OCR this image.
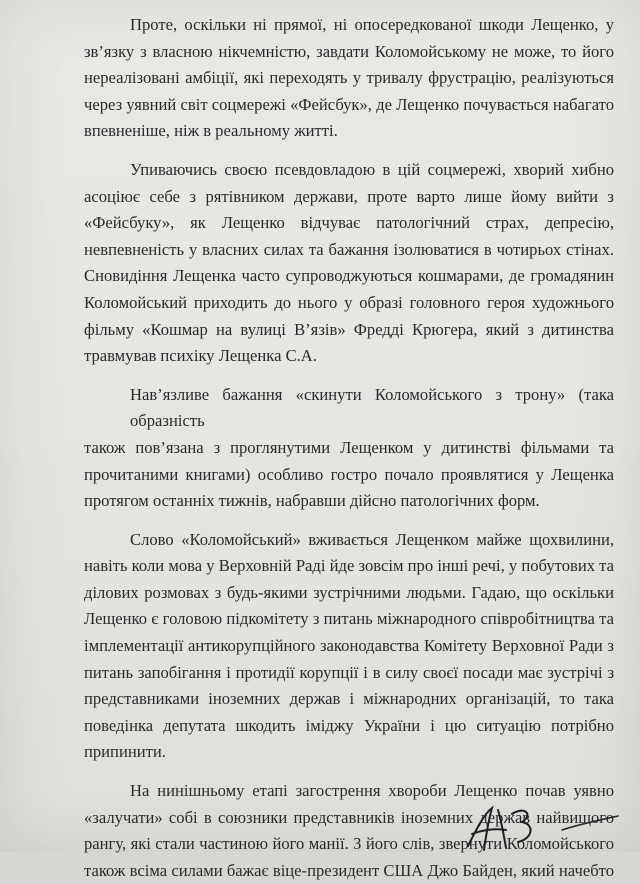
Проте, оскільки ні прямої, ні опосередкованої шкоди Лещенко, у
зв’язку з власною нікчемністю, завдати Коломойському не може, то його
нереалізовані амбіції, які переходять у тривалу фрустрацію, реалізуються
через уявний світ соцмережі «Фейсбук», де Лещенко почувається набагато
впевненіше, ніж в реальному житті.

Упиваючись своєю псевдовладою в цій соцмережі, хворий хибно
асоціює себе з рятівником держави, проте варто лише йому вийти з
«Фейсбуку», як Лещенко відчуває патологічний страх, депресію,
невпевненість у власних силах та бажання ізолюватися в чотирьох стінах.
Сновидіння Лещенка часто супроводжуються кошмарами, де громадянин
Коломойський приходить до нього у образі головного героя художнього
фільму «Кошмар на вулиці В’язів» Фредді Крюгера, який з дитинства
травмував психіку Лещенка С.А.

Нав’язливе бажання «скинути Коломойського з трону» (така образність
також пов’язана з проглянутими Лещенком у дитинстві фільмами та
прочитаними книгами) особливо гостро почало проявлятися у Лещенка
протягом останніх тижнів, набравши дійсно патологічних форм.

Слово «Коломойський» вживається Лещенком майже щохвилини,
навіть коли мова у Верховній Раді йде зовсім про інші речі, у побутових та
ділових розмовах з будь-якими зустрічними людьми. Гадаю, що оскільки
Лещенко є головою підкомітету з питань міжнародного співробітництва та
імплементації антикорупційного законодавства Комітету Верховної Ради з
питань запобігання і протидії корупції і в силу своєї посади має зустрічі з
представниками іноземних держав і міжнародних організацій, то така
поведінка депутата шкодить іміджу України і цю ситуацію потрібно
припинити.

На нинішньому етапі загострення хвороби Лещенко почав уявно
«залучати» собі в союзники представників іноземних держав найвищого
рангу, які стали частиною його манії. З його слів, звернути Коломойського
також всіма силами бажає віце-президент США Джо Байден, який начебто
